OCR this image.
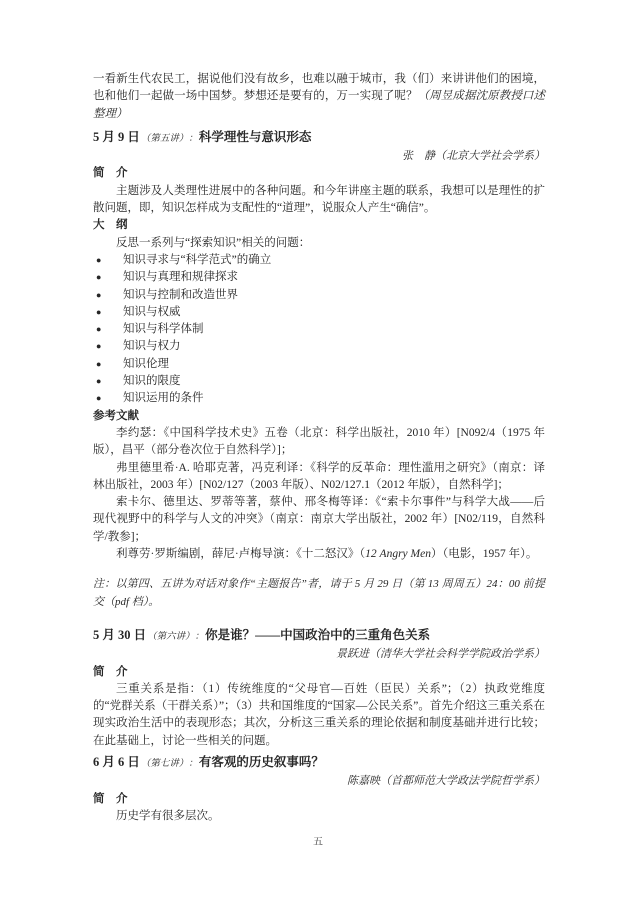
一看新生代农民工，据说他们没有故乡，也难以融于城市，我（们）来讲讲他们的困境，也和他们一起做一场中国梦。梦想还是要有的，万一实现了呢？（周昱成据沈原教授口述整理）

5 月 9 日（第五讲）：科学理性与意识形态
张　静（北京大学社会学系）
简　介

主题涉及人类理性进展中的各种问题。和今年讲座主题的联系，我想可以是理性的扩散问题，即，知识怎样成为支配性的“道理”，说服众人产生“确信”。

大　纲

反思一系列与“探索知识”相关的问题：

● 知识寻求与“科学范式”的确立
● 知识与真理和规律探求
● 知识与控制和改造世界
● 知识与权威
● 知识与科学体制
● 知识与权力
● 知识伦理
● 知识的限度
● 知识运用的条件
参考文献

李约瑟：《中国科学技术史》五卷（北京：科学出版社，2010 年）[N092/4（1975 年版），昌平（部分卷次位于自然科学）]；

弗里德里希·A. 哈耶克著，冯克利译：《科学的反革命：理性滥用之研究》（南京：译林出版社，2003 年）[N02/127（2003 年版）、N02/127.1（2012 年版），自然科学]；

索卡尔、德里达、罗蒂等著，蔡仲、邢冬梅等译：《“索卡尔事件”与科学大战——后现代视野中的科学与人文的冲突》（南京：南京大学出版社，2002 年）[N02/119，自然科学/教参]；

利尊劳·罗斯编剧，薛尼·卢梅导演：《十二怒汉》（12 Angry Men）（电影，1957 年）。

注：以第四、五讲为对话对象作“主题报告”者，请于 5 月 29 日（第 13 周周五）24：00 前提交（pdf 档）。

5 月 30 日（第六讲）：你是谁？——中国政治中的三重角色关系
景跃进（清华大学社会科学学院政治学系）
简　介

三重关系是指：（1）传统维度的“父母官—百姓（臣民）关系”；（2）执政党维度的“党群关系（干群关系）”；（3）共和国维度的“国家—公民关系”。首先介绍这三重关系在现实政治生活中的表现形态；其次，分析这三重关系的理论依据和制度基础并进行比较；在此基础上，讨论一些相关的问题。

6 月 6 日（第七讲）：有客观的历史叙事吗？
陈嘉映（首都师范大学政法学院哲学系）
简　介

历史学有很多层次。

五
